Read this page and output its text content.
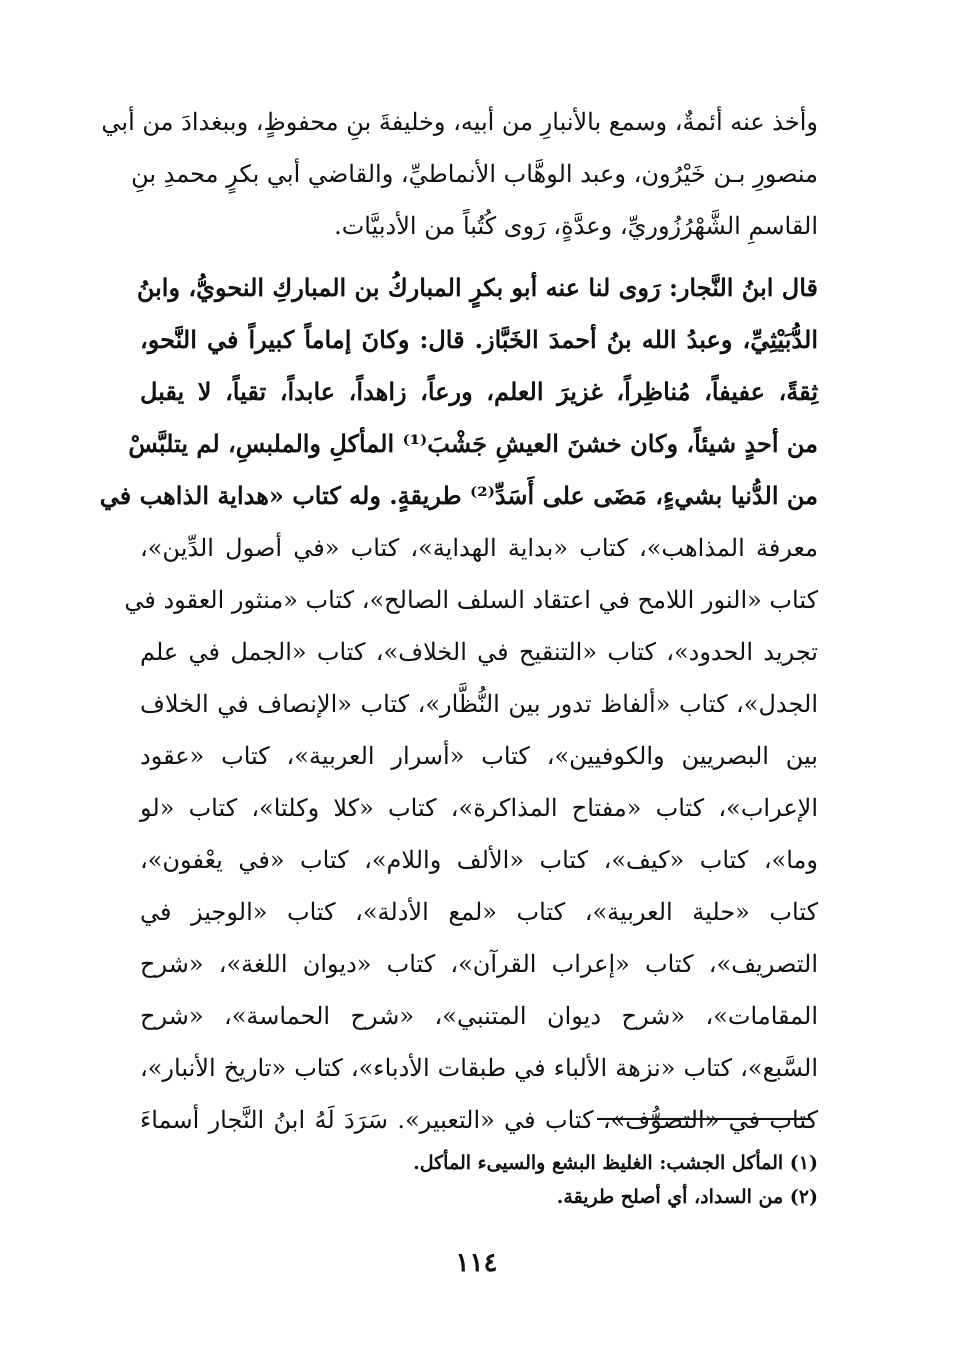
وأخذ عنه أئمةٌ، وسمع بالأنبارِ من أبيه، وخليفةَ بنِ محفوظٍ، وببغدادَ من أبي
منصورِ بـن خَيْرُون، وعبد الوهَّاب الأنماطيِّ، والقاضي أبي بكرٍ محمدِ بنِ
القاسمِ الشَّهْرُزُوريِّ، وعدَّةٍ، رَوى كُتُباً من الأدبيَّات.
قال ابنُ النَّجار: رَوى لنا عنه أبو بكرٍ المباركُ بن المباركِ النحويُّ، وابنُ
الدُّبَيْثِيِّ، وعبدُ الله بنُ أحمدَ الخَبَّاز. قال: وكانَ إماماً كبيراً في النَّحو،
ثِقةً، عفيفاً، مُناظِراً، غزيرَ العلم، ورعاً، زاهداً، عابداً، تقياً، لا يقبل
من أحدٍ شيئاً، وكان خشنَ العيشِ جَشْبَ⁽¹⁾ المأكلِ والملبسِ، لم يتلبَّسْ
من الدُّنيا بشيءٍ، مَضَى على أَسَدِّ⁽²⁾ طريقةٍ. وله كتاب «هداية الذاهب في
معرفة المذاهب»، كتاب «بداية الهداية»، كتاب «في أصول الدِّين»،
كتاب «النور اللامح في اعتقاد السلف الصالح»، كتاب «منثور العقود في
تجريد الحدود»، كتاب «التنقيح في الخلاف»، كتاب «الجمل في علم
الجدل»، كتاب «ألفاظ تدور بين النُّظَّار»، كتاب «الإنصاف في الخلاف
بين البصريين والكوفيين»، كتاب «أسرار العربية»، كتاب «عقود
الإعراب»، كتاب «مفتاح المذاكرة»، كتاب «كلا وكلتا»، كتاب «لو
وما»، كتاب «كيف»، كتاب «الألف واللام»، كتاب «في يعْفون»،
كتاب «حلية العربية»، كتاب «لمع الأدلة»، كتاب «الوجيز في
التصريف»، كتاب «إعراب القرآن»، كتاب «ديوان اللغة»، «شرح
المقامات»، «شرح ديوان المتنبي»، «شرح الحماسة»، «شرح
السَّبع»، كتاب «نزهة الألباء في طبقات الأدباء»، كتاب «تاريخ الأنبار»،
كتاب في «التصوُّف»، كتاب في «التعبير». سَرَدَ لَهُ ابنُ النَّجار أسماءَ
(١) المأكل الجشب: الغليظ البشع والسيىء المأكل.
(٢) من السداد، أي أصلح طريقة.
١١٤
